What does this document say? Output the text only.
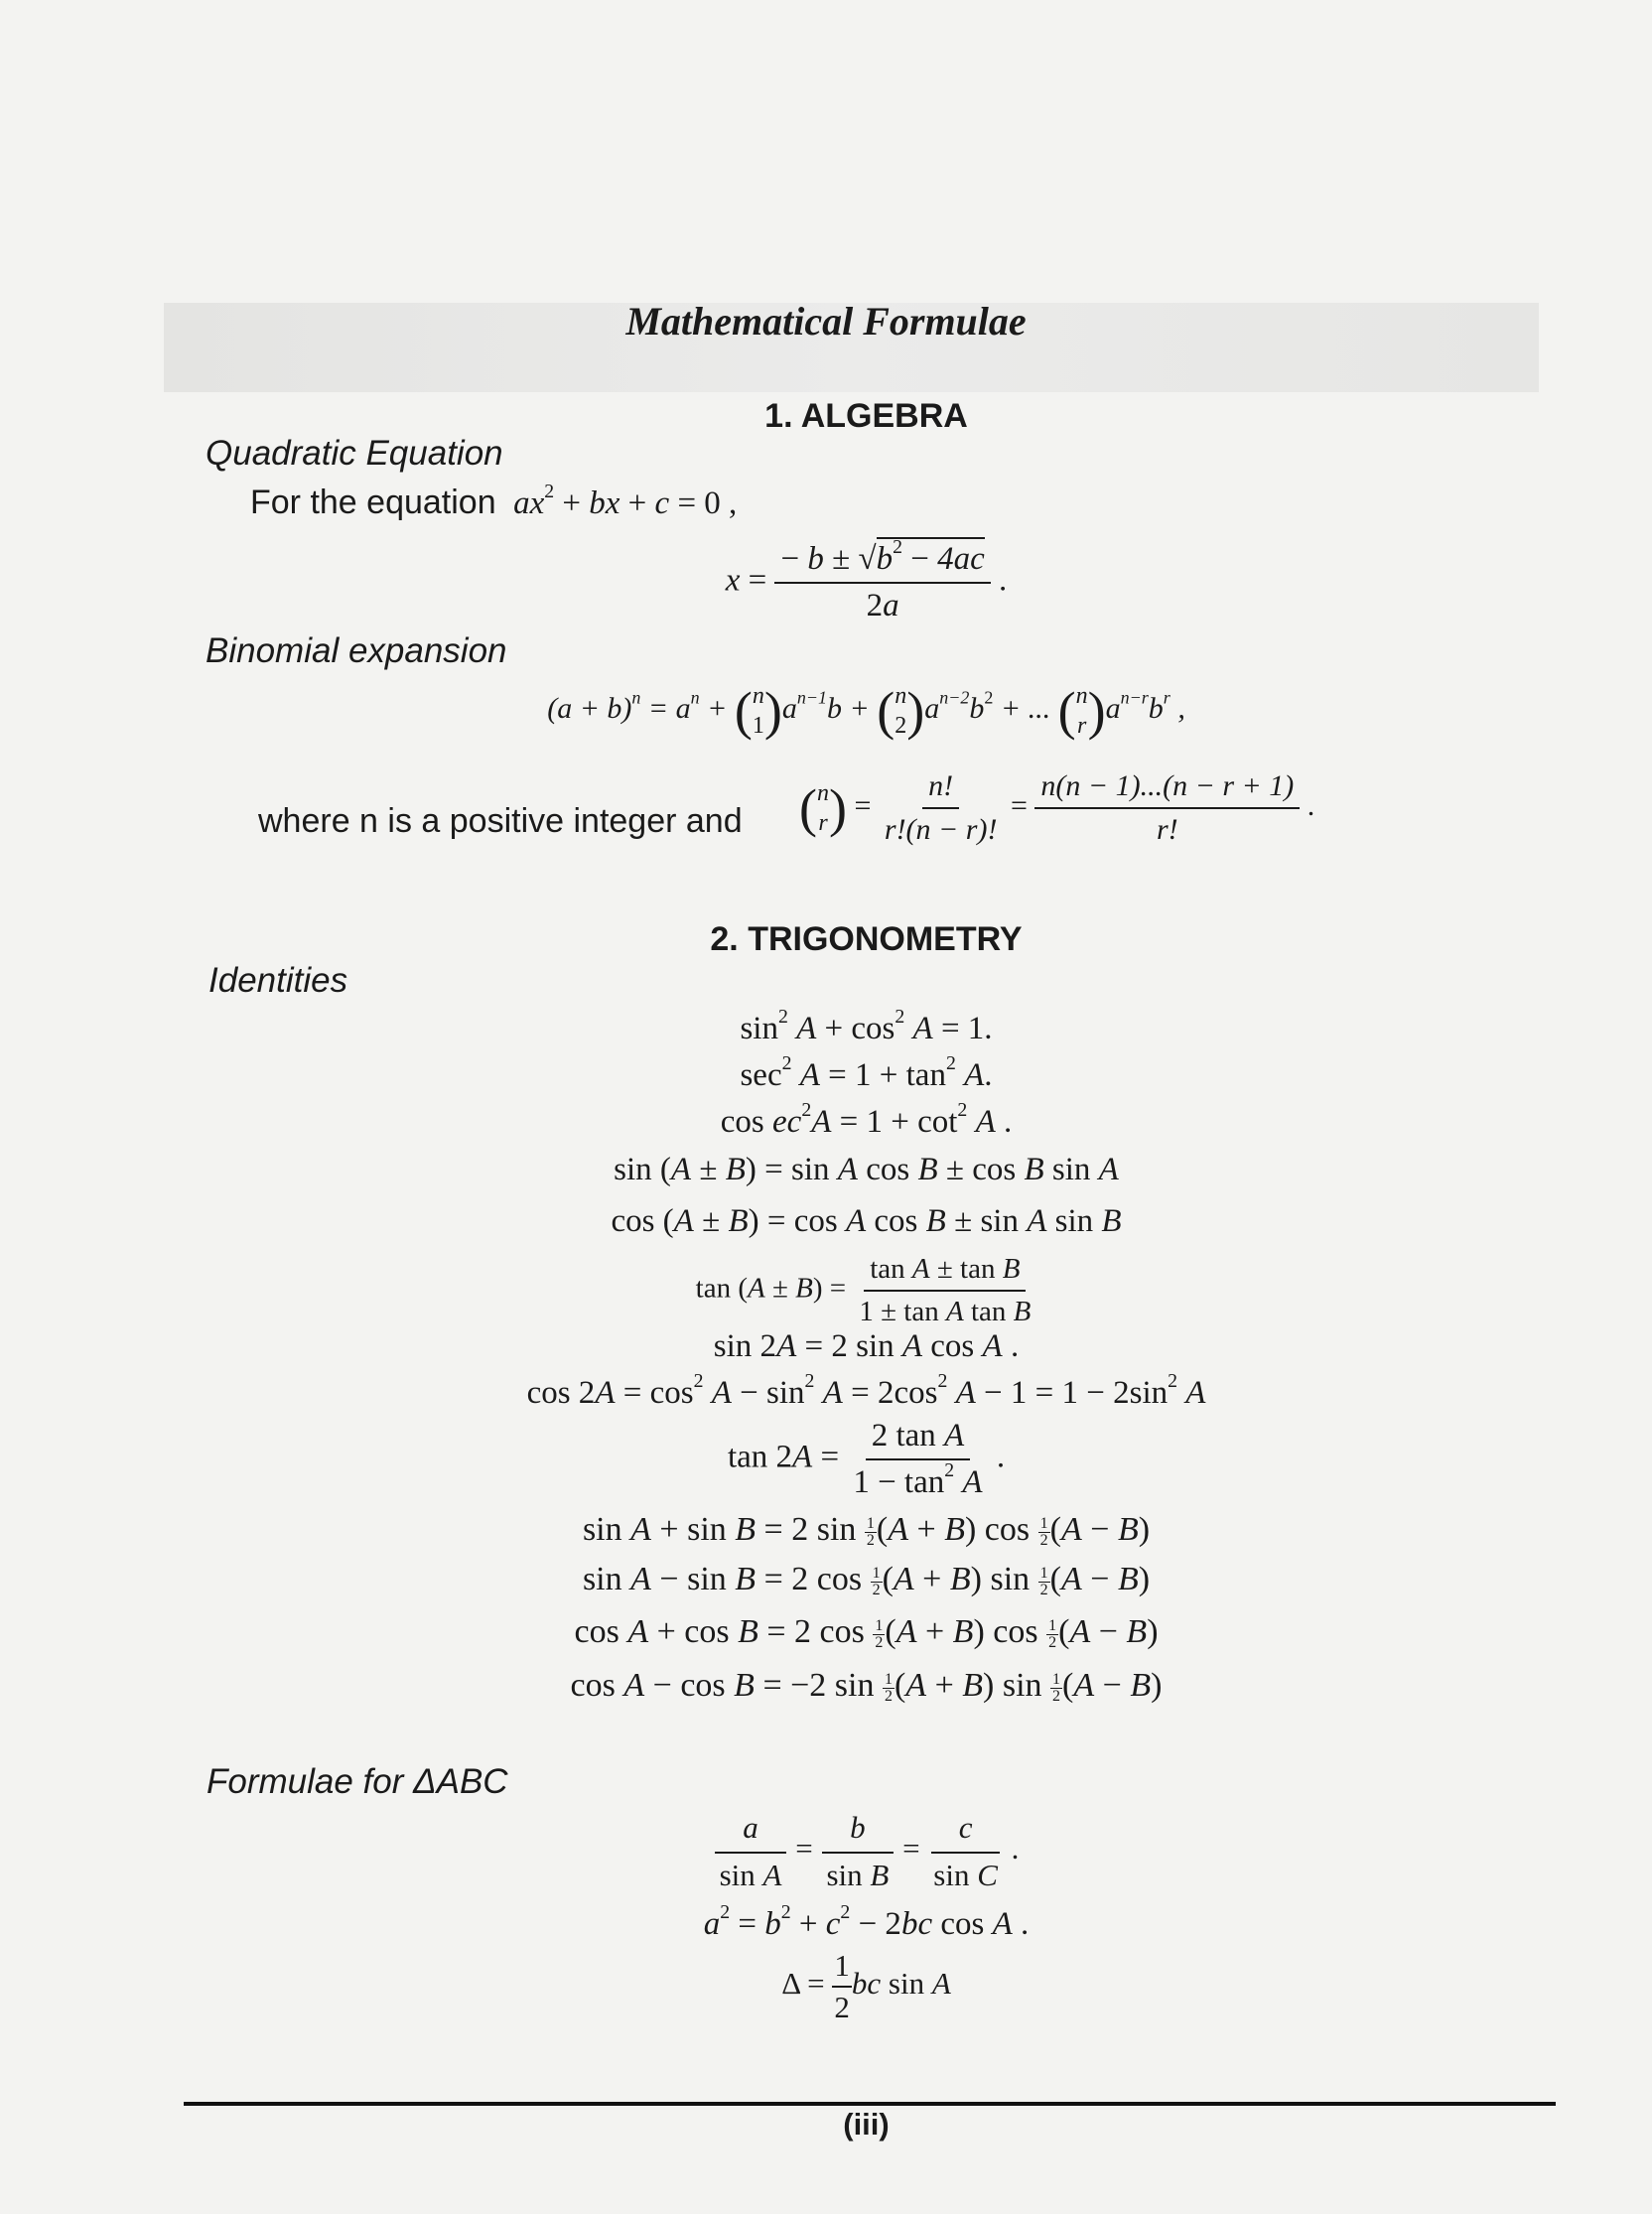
Mathematical Formulae
1. ALGEBRA
Quadratic Equation
For the equation $ax^2$ + bx + c = 0 ,
$x = \frac{- b \pm √b^2 - 4ac}{2a}$ .
Binomial expansion
$(a + b)^n = a^n$ + ( n
1 )$a^{n-1}b$ + ( n
2 )$a^{n-2}b^2$ + ... ( n
r )$a^{n-r}b^r$ ,
where n is a positive integer and ( n
r ) = $\frac{n!}{r!(n - r)!} = \frac{n(n - 1)...(n - r + 1)}{r!}$ .
2. TRIGONOMETRY
Identities
$\sin^2 A + \cos^2 A = 1$.
$\sec^2 A = 1 + \tan^2 A$.
$\cos ec^2A = 1 + \cot^2 A$ .
sin (A ± B) = sin A cos B ± cos B sin A
cos (A ± B) = cos A cos B ± sin A sin B
$\tan (A \pm B) = \frac{\text{tan A ± tan B}}{\text{1 ± tan A tan B}}$
sin 2A = 2 sin A cos A .
$\cos 2A = \cos^2 A - \sin^2 A = 2\cos^2$ $A - 1 = 1 - 2\sin^2$ A
$\tan 2A = \frac{\text{2 tan A}}{1 - \tan^2 A}$ .
sin A + sin B = 2 $\sin \frac{1}{2} (A + B)$ $\cos \frac{1}{2} (A - B)$
sin A − sin B = 2 $\cos \frac{1}{2} (A + B)$ $\sin \frac{1}{2} (A - B)$
cos A + cos B = 2 $\cos \frac{1}{2} (A + B)$ $\cos \frac{1}{2} (A - B)$
cos A − cos B = −2 $\sin \frac{1}{2} (A + B)$ $\sin \frac{1}{2} (A - B)$
Formulae for ΔABC
$\frac{a}{\text{sin A}} = \frac{b}{\text{sin B}} = \frac{c}{\text{sin C}}$ .
$a^2 = b^2 + c^2 - 2bc$ cos A .
$\Delta = \frac{1}{2}$ bc sin A
(iii)
